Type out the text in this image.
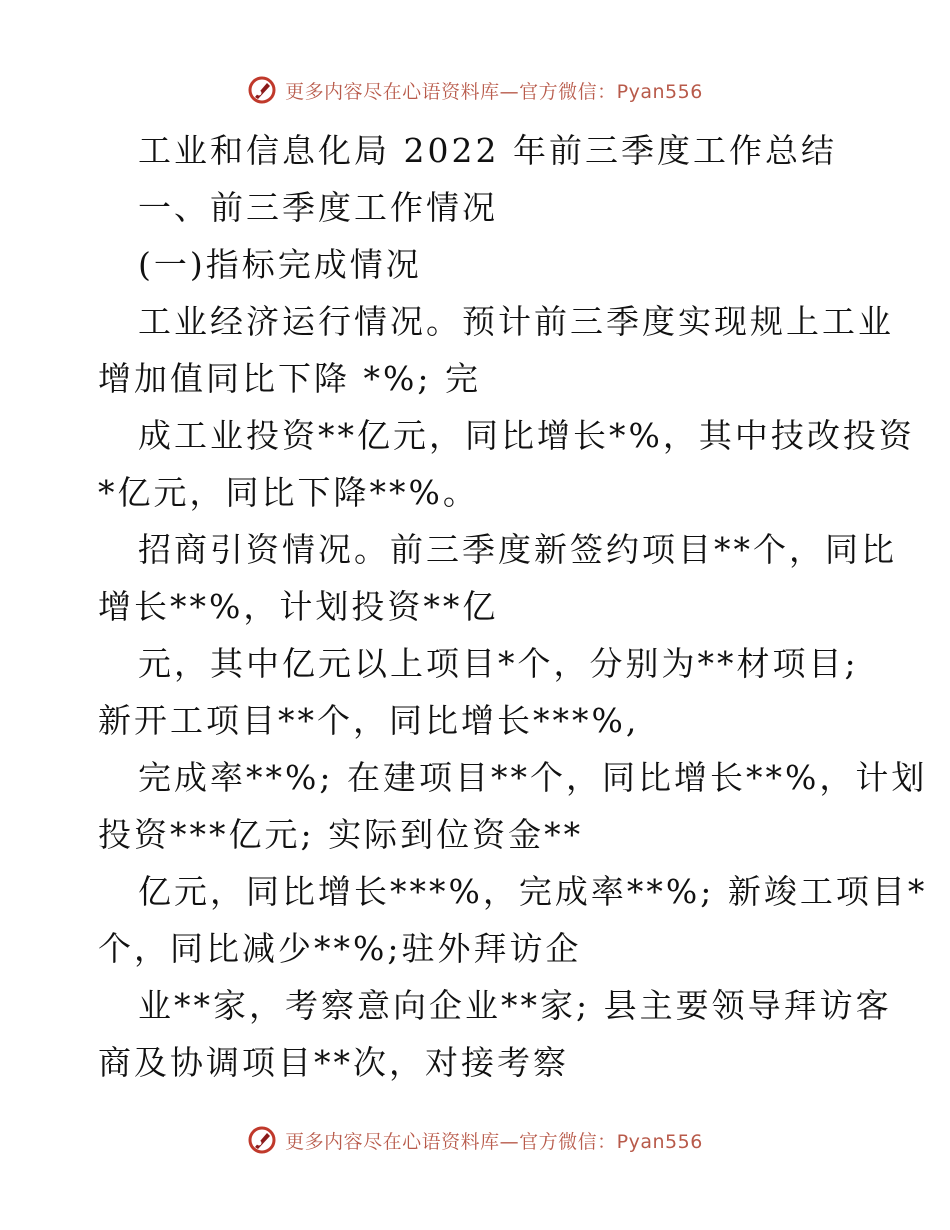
更多内容尽在心语资料库—官方微信：Pyan556
工业和信息化局 2022 年前三季度工作总结
一、前三季度工作情况
(一)指标完成情况
工业经济运行情况。预计前三季度实现规上工业
增加值同比下降 *%; 完
成工业投资**亿元，同比增长*%，其中技改投资
*亿元，同比下降**%。
招商引资情况。前三季度新签约项目**个，同比
增长**%，计划投资**亿
元，其中亿元以上项目*个，分别为**材项目;
新开工项目**个，同比增长***%,
完成率**%; 在建项目**个，同比增长**%，计划
投资***亿元; 实际到位资金**
亿元，同比增长***%，完成率**%; 新竣工项目*
个，同比减少**%;驻外拜访企
业**家，考察意向企业**家; 县主要领导拜访客
商及协调项目**次，对接考察
更多内容尽在心语资料库—官方微信：Pyan556
